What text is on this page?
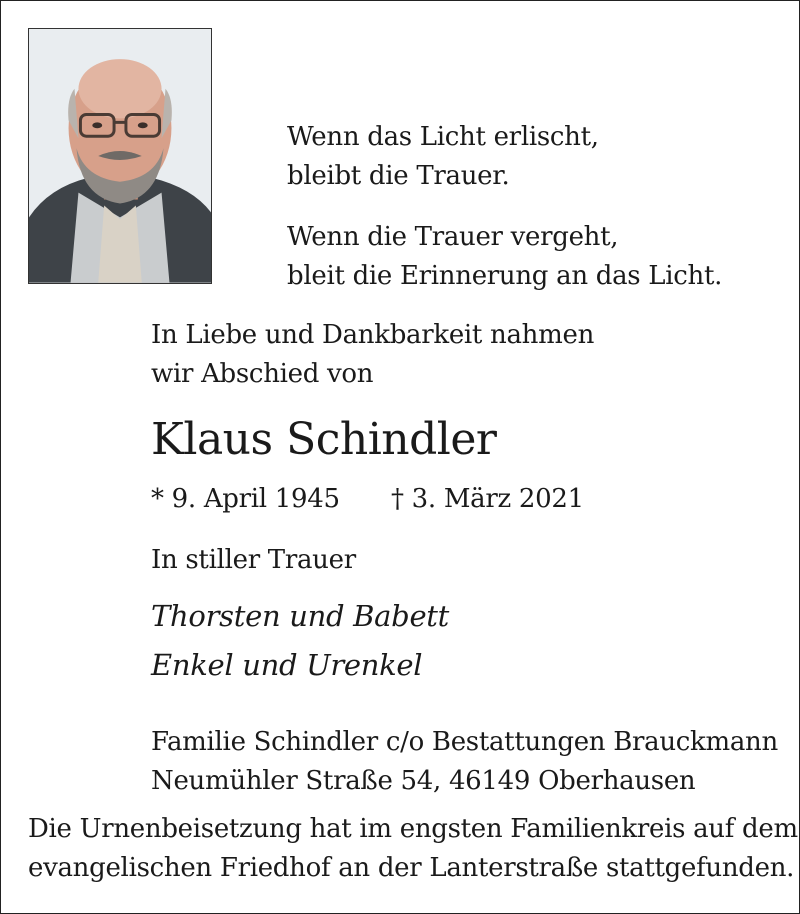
Wenn das Licht erlischt,
bleibt die Trauer.
Wenn die Trauer vergeht,
bleit die Erinnerung an das Licht.
In Liebe und Dankbarkeit nahmen
wir Abschied von
Klaus Schindler
* 9. April 1945 † 3. März 2021
In stiller Trauer
Thorsten und Babett
Enkel und Urenkel
Familie Schindler c/o Bestattungen Brauckmann
Neumühler Straße 54, 46149 Oberhausen
Die Urnenbeisetzung hat im engsten Familienkreis auf dem
evangelischen Friedhof an der Lanterstraße stattgefunden.
